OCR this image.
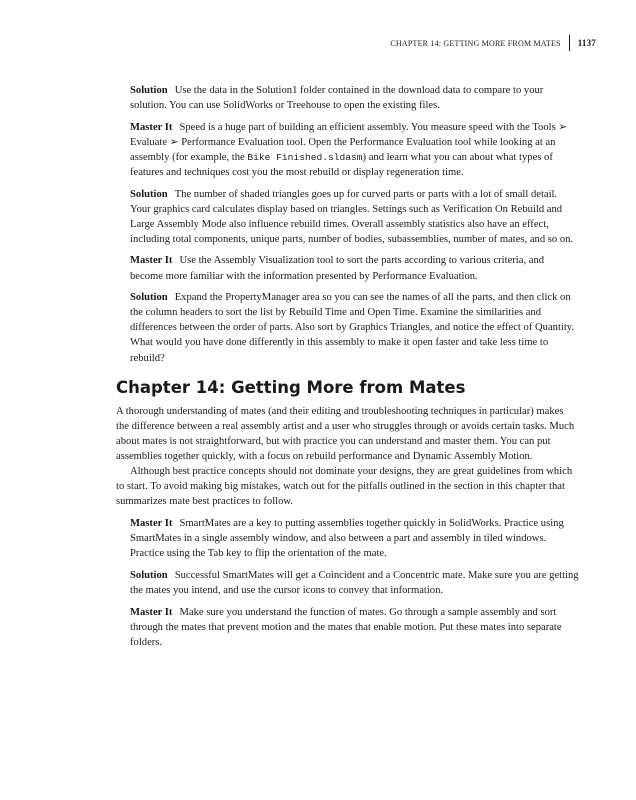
CHAPTER 14: GETTING MORE FROM MATES 1137

Solution Use the data in the Solution1 folder contained in the download data to compare to your solution. You can use SolidWorks or Treehouse to open the existing files.

Master It Speed is a huge part of building an efficient assembly. You measure speed with the Tools ➢ Evaluate ➢ Performance Evaluation tool. Open the Performance Evaluation tool while looking at an assembly (for example, the Bike Finished.sldasm) and learn what you can about what types of features and techniques cost you the most rebuild or display regeneration time.

Solution The number of shaded triangles goes up for curved parts or parts with a lot of small detail. Your graphics card calculates display based on triangles. Settings such as Verification On Rebuild and Large Assembly Mode also influence rebuild times. Overall assembly statistics also have an effect, including total components, unique parts, number of bodies, subassemblies, number of mates, and so on.

Master It Use the Assembly Visualization tool to sort the parts according to various criteria, and become more familiar with the information presented by Performance Evaluation.

Solution Expand the PropertyManager area so you can see the names of all the parts, and then click on the column headers to sort the list by Rebuild Time and Open Time. Examine the similarities and differences between the order of parts. Also sort by Graphics Triangles, and notice the effect of Quantity. What would you have done differently in this assembly to make it open faster and take less time to rebuild?

Chapter 14: Getting More from Mates

A thorough understanding of mates (and their editing and troubleshooting techniques in particular) makes the difference between a real assembly artist and a user who struggles through or avoids certain tasks. Much about mates is not straightforward, but with practice you can understand and master them. You can put assemblies together quickly, with a focus on rebuild performance and Dynamic Assembly Motion.

Although best practice concepts should not dominate your designs, they are great guidelines from which to start. To avoid making big mistakes, watch out for the pitfalls outlined in the section in this chapter that summarizes mate best practices to follow.

Master It SmartMates are a key to putting assemblies together quickly in SolidWorks. Practice using SmartMates in a single assembly window, and also between a part and assembly in tiled windows. Practice using the Tab key to flip the orientation of the mate.

Solution Successful SmartMates will get a Coincident and a Concentric mate. Make sure you are getting the mates you intend, and use the cursor icons to convey that information.

Master It Make sure you understand the function of mates. Go through a sample assembly and sort through the mates that prevent motion and the mates that enable motion. Put these mates into separate folders.
